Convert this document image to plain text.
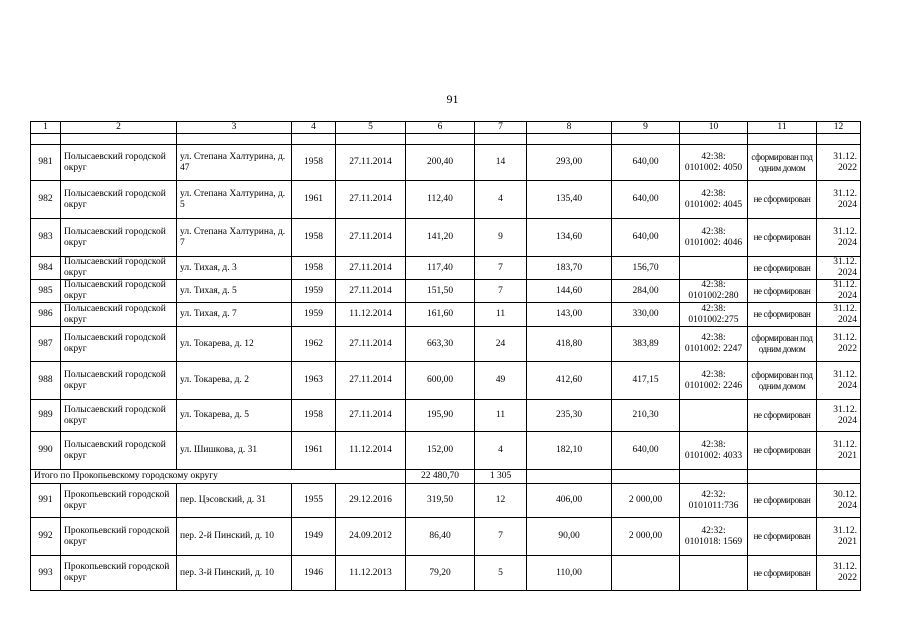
91
1	2	3	4	5	6	7	8	9	10	11	12

981	Полысаевский городской округ	ул. Степана Халтурина, д. 47	1958	27.11.2014	200,40	14	293,00	640,00	42:38: 0101002: 4050	сформирован под одним домом	31.12. 2022
982	Полысаевский городской округ	ул. Степана Халтурина, д. 5	1961	27.11.2014	112,40	4	135,40	640,00	42:38: 0101002: 4045	не сформирован	31.12. 2024
983	Полысаевский городской округ	ул. Степана Халтурина, д. 7	1958	27.11.2014	141,20	9	134,60	640,00	42:38: 0101002: 4046	не сформирован	31.12. 2024
984	Полысаевский городской округ	ул. Тихая, д. 3	1958	27.11.2014	117,40	7	183,70	156,70		не сформирован	31.12. 2024
985	Полысаевский городской округ	ул. Тихая, д. 5	1959	27.11.2014	151,50	7	144,60	284,00	42:38: 0101002:280	не сформирован	31.12. 2024
986	Полысаевский городской округ	ул. Тихая, д. 7	1959	11.12.2014	161,60	11	143,00	330,00	42:38: 0101002:275	не сформирован	31.12. 2024
987	Полысаевский городской округ	ул. Токарева, д. 12	1962	27.11.2014	663,30	24	418,80	383,89	42:38: 0101002: 2247	сформирован под одним домом	31.12. 2022
988	Полысаевский городской округ	ул. Токарева, д. 2	1963	27.11.2014	600,00	49	412,60	417,15	42:38: 0101002: 2246	сформирован под одним домом	31.12. 2024
989	Полысаевский городской округ	ул. Токарева, д. 5	1958	27.11.2014	195,90	11	235,30	210,30		не сформирован	31.12. 2024
990	Полысаевский городской округ	ул. Шишкова, д. 31	1961	11.12.2014	152,00	4	182,10	640,00	42:38: 0101002: 4033	не сформирован	31.12. 2021
Итого по Прокопьевскому городскому округу					22 480,70	1 305					
991	Прокопьевский городской округ	пер. Цэсовский, д. 31	1955	29.12.2016	319,50	12	406,00	2 000,00	42:32: 0101011:736	не сформирован	30.12. 2024
992	Прокопьевский городской округ	пер. 2-й Пинский, д. 10	1949	24.09.2012	86,40	7	90,00	2 000,00	42:32: 0101018: 1569	не сформирован	31.12. 2021
993	Прокопьевский городской округ	пер. 3-й Пинский, д. 10	1946	11.12.2013	79,20	5	110,00			не сформирован	31.12. 2022
